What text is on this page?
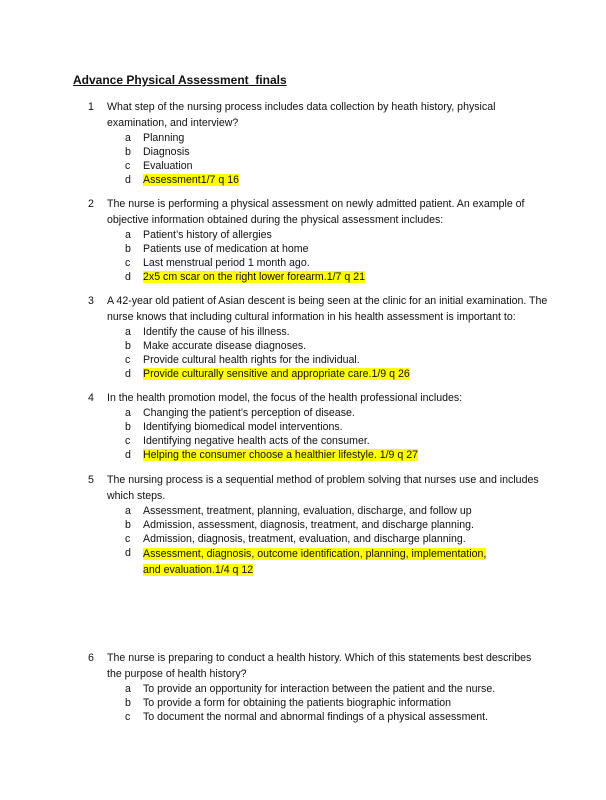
Advance Physical Assessment  finals
1	What step of the nursing process includes data collection by heath history, physical examination, and interview?
a Planning
b Diagnosis
c Evaluation
d Assessment1/7 q 16
2	The nurse is performing a physical assessment on newly admitted patient. An example of objective information obtained during the physical assessment includes:
a Patient’s history of allergies
b Patients use of medication at home
c Last menstrual period 1 month ago.
d 2x5 cm scar on the right lower forearm.1/7 q 21
3	A 42-year old patient of Asian descent is being seen at the clinic for an initial examination. The nurse knows that including cultural information in his health assessment is important to:
a Identify the cause of his illness.
b Make accurate disease diagnoses.
c Provide cultural health rights for the individual.
d Provide culturally sensitive and appropriate care.1/9 q 26
4	In the health promotion model, the focus of the health professional includes:
a Changing the patient’s perception of disease.
b Identifying biomedical model interventions.
c Identifying negative health acts of the consumer.
d Helping the consumer choose a healthier lifestyle. 1/9 q 27
5	The nursing process is a sequential method of problem solving that nurses use and includes which steps.
a Assessment, treatment, planning, evaluation, discharge, and follow up
b Admission, assessment, diagnosis, treatment, and discharge planning.
c Admission, diagnosis, treatment, evaluation, and discharge planning.
d Assessment, diagnosis, outcome identification, planning, implementation, and evaluation.1/4 q 12
6	The nurse is preparing to conduct a health history. Which of this statements best describes the purpose of health history?
a To provide an opportunity for interaction between the patient and the nurse.
b To provide a form for obtaining the patients biographic information
c To document the normal and abnormal findings of a physical assessment.
